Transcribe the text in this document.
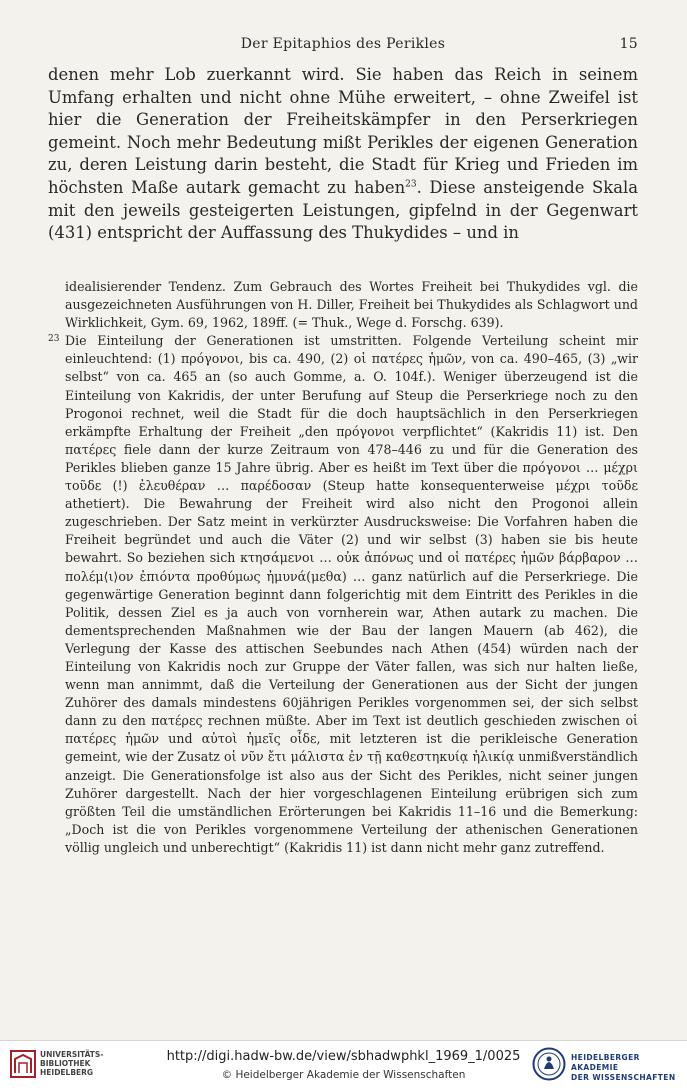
Der Epitaphios des Perikles	15

denen mehr Lob zuerkannt wird. Sie haben das Reich in seinem Umfang erhalten und nicht ohne Mühe erweitert, – ohne Zweifel ist hier die Generation der Freiheitskämpfer in den Perserkriegen gemeint. Noch mehr Bedeutung mißt Perikles der eigenen Generation zu, deren Leistung darin besteht, die Stadt für Krieg und Frieden im höchsten Maße autark gemacht zu haben$^{23}$. Diese ansteigende Skala mit den jeweils gesteigerten Leistungen, gipfelnd in der Gegenwart (431) entspricht der Auffassung des Thukydides – und in

idealisierender Tendenz. Zum Gebrauch des Wortes Freiheit bei Thukydides vgl. die ausgezeichneten Ausführungen von H. Diller, Freiheit bei Thukydides als Schlagwort und Wirklichkeit, Gym. 69, 1962, 189ff. (= Thuk., Wege d. Forschg. 639).

23 Die Einteilung der Generationen ist umstritten. Folgende Verteilung scheint mir einleuchtend: (1) πρόγονοι, bis ca. 490, (2) οἱ πατέρες ἡμῶν, von ca. 490–465, (3) „wir selbst“ von ca. 465 an (so auch Gomme, a. O. 104f.). Weniger überzeugend ist die Einteilung von Kakridis, der unter Berufung auf Steup die Perserkriege noch zu den Progonoi rechnet, weil die Stadt für die doch hauptsächlich in den Perserkriegen erkämpfte Erhaltung der Freiheit „den πρόγονοι verpflichtet“ (Kakridis 11) ist. Den πατέρες fiele dann der kurze Zeitraum von 478–446 zu und für die Generation des Perikles blieben ganze 15 Jahre übrig. Aber es heißt im Text über die πρόγονοι … μέχρι τοῦδε (!) ἐλευθέραν … παρέδοσαν (Steup hatte konsequenterweise μέχρι τοῦδε athetiert). Die Bewahrung der Freiheit wird also nicht den Progonoi allein zugeschrieben. Der Satz meint in verkürzter Ausdrucksweise: Die Vorfahren haben die Freiheit begründet und auch die Väter (2) und wir selbst (3) haben sie bis heute bewahrt. So beziehen sich κτησάμενοι … οὐκ ἀπόνως und οἱ πατέρες ἡμῶν βάρβαρον … πολέμ⟨ι⟩ον ἐπιόντα προθύμως ἠμυνά(μεθα) … ganz natürlich auf die Perserkriege. Die gegenwärtige Generation beginnt dann folgerichtig mit dem Eintritt des Perikles in die Politik, dessen Ziel es ja auch von vornherein war, Athen autark zu machen. Die dementsprechenden Maßnahmen wie der Bau der langen Mauern (ab 462), die Verlegung der Kasse des attischen Seebundes nach Athen (454) würden nach der Einteilung von Kakridis noch zur Gruppe der Väter fallen, was sich nur halten ließe, wenn man annimmt, daß die Verteilung der Generationen aus der Sicht der jungen Zuhörer des damals mindestens 60jährigen Perikles vorgenommen sei, der sich selbst dann zu den πατέρες rechnen müßte. Aber im Text ist deutlich geschieden zwischen οἱ πατέρες ἡμῶν und αὐτοὶ ἡμεῖς οἶδε, mit letzteren ist die perikleische Generation gemeint, wie der Zusatz οἱ νῦν ἔτι μάλιστα ἐν τῇ καθεστηκυίᾳ ἡλικίᾳ unmißverständlich anzeigt. Die Generationsfolge ist also aus der Sicht des Perikles, nicht seiner jungen Zuhörer dargestellt. Nach der hier vorgeschlagenen Einteilung erübrigen sich zum größten Teil die umständlichen Erörterungen bei Kakridis 11–16 und die Bemerkung: „Doch ist die von Perikles vorgenommene Verteilung der athenischen Generationen völlig ungleich und unberechtigt“ (Kakridis 11) ist dann nicht mehr ganz zutreffend.

UNIVERSITÄTS-
BIBLIOTHEK
HEIDELBERG
http://digi.hadw-bw.de/view/sbhadwphkl_1969_1/0025
© Heidelberger Akademie der Wissenschaften
HEIDELBERGER AKADEMIE
DER WISSENSCHAFTEN
